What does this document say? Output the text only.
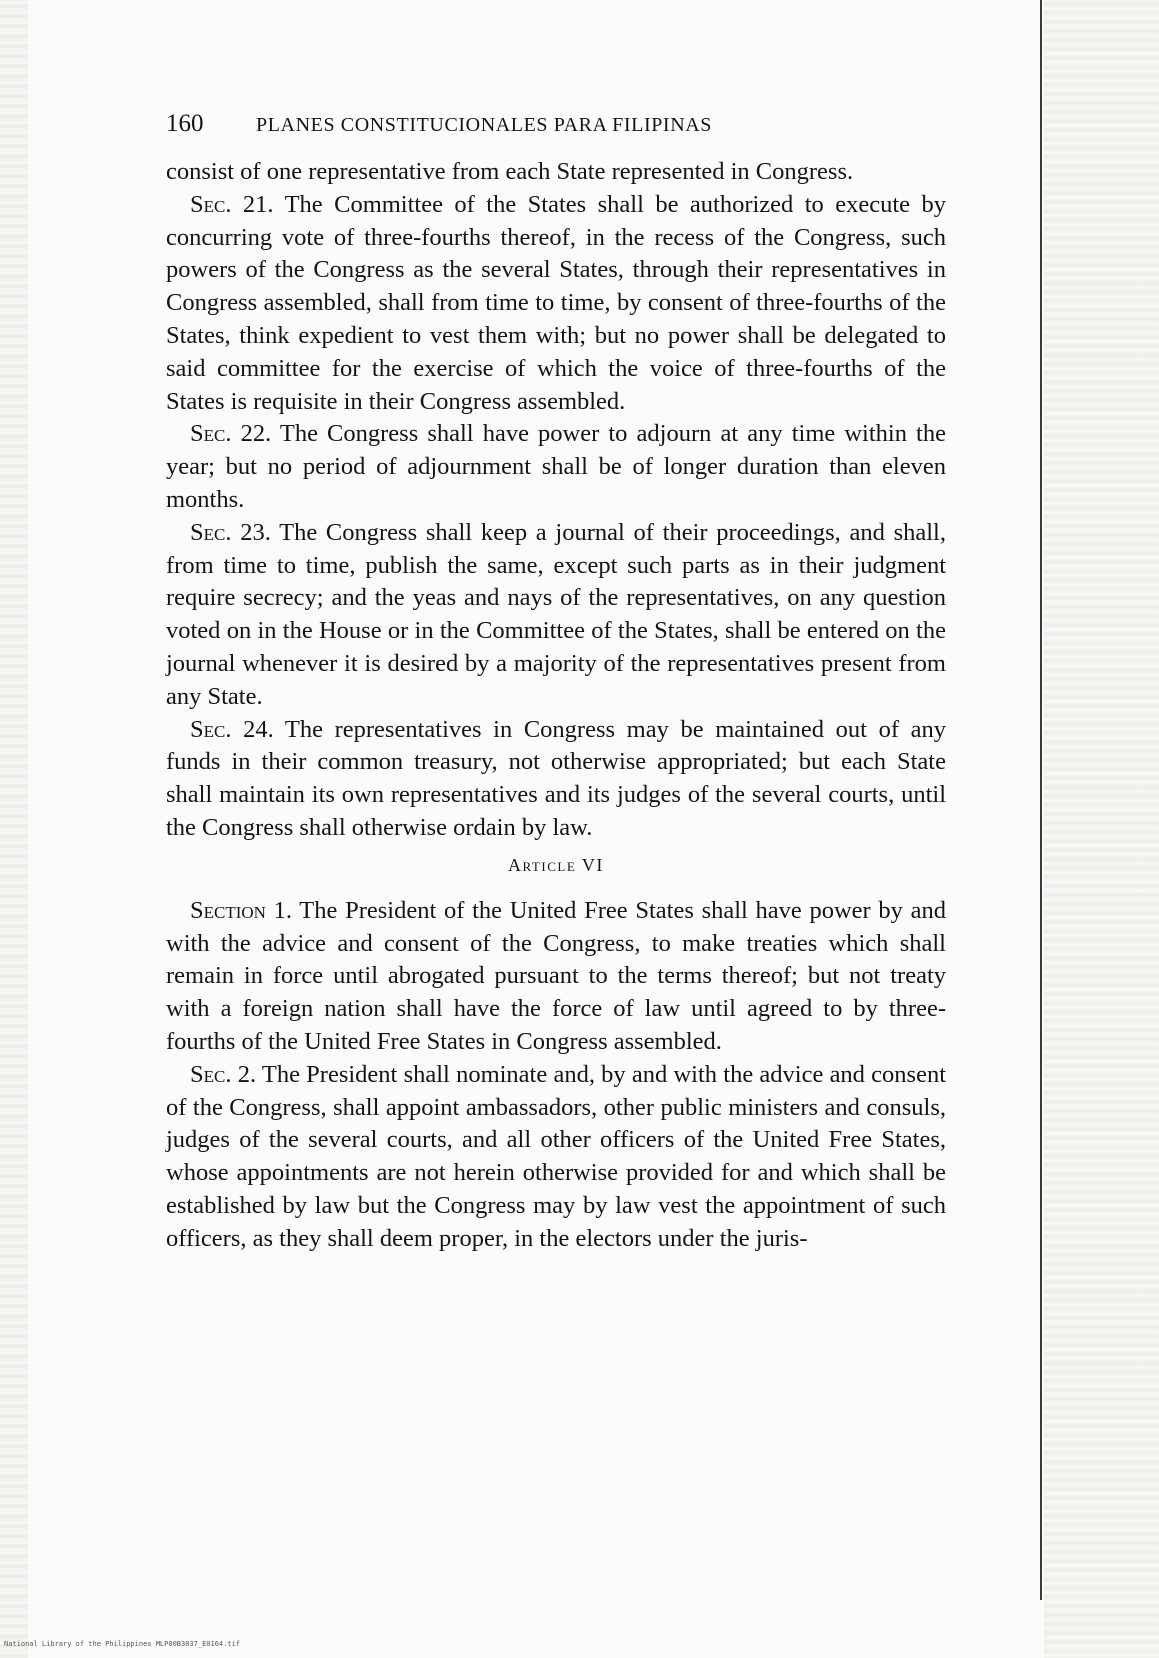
160	PLANES CONSTITUCIONALES PARA FILIPINAS

consist of one representative from each State represented in Congress.

Sec. 21. The Committee of the States shall be authorized to execute by concurring vote of three-fourths thereof, in the recess of the Congress, such powers of the Congress as the several States, through their representatives in Congress assembled, shall from time to time, by consent of three-fourths of the States, think expedient to vest them with; but no power shall be delegated to said committee for the exercise of which the voice of three-fourths of the States is requisite in their Congress assembled.

Sec. 22. The Congress shall have power to adjourn at any time within the year; but no period of adjournment shall be of longer duration than eleven months.

Sec. 23. The Congress shall keep a journal of their proceedings, and shall, from time to time, publish the same, except such parts as in their judgment require secrecy; and the yeas and nays of the representatives, on any question voted on in the House or in the Committee of the States, shall be entered on the journal whenever it is desired by a majority of the representatives present from any State.

Sec. 24. The representatives in Congress may be maintained out of any funds in their common treasury, not otherwise appropriated; but each State shall maintain its own representatives and its judges of the several courts, until the Congress shall otherwise ordain by law.

Article VI

Section 1. The President of the United Free States shall have power by and with the advice and consent of the Congress, to make treaties which shall remain in force until abrogated pursuant to the terms thereof; but not treaty with a foreign nation shall have the force of law until agreed to by three-fourths of the United Free States in Congress assembled.

Sec. 2. The President shall nominate and, by and with the advice and consent of the Congress, shall appoint ambassadors, other public ministers and consuls, judges of the several courts, and all other officers of the United Free States, whose appointments are not herein otherwise provided for and which shall be established by law but the Congress may by law vest the appointment of such officers, as they shall deem proper, in the electors under the juris-

National Library of the Philippines MLP00B3037_E0164.tif
